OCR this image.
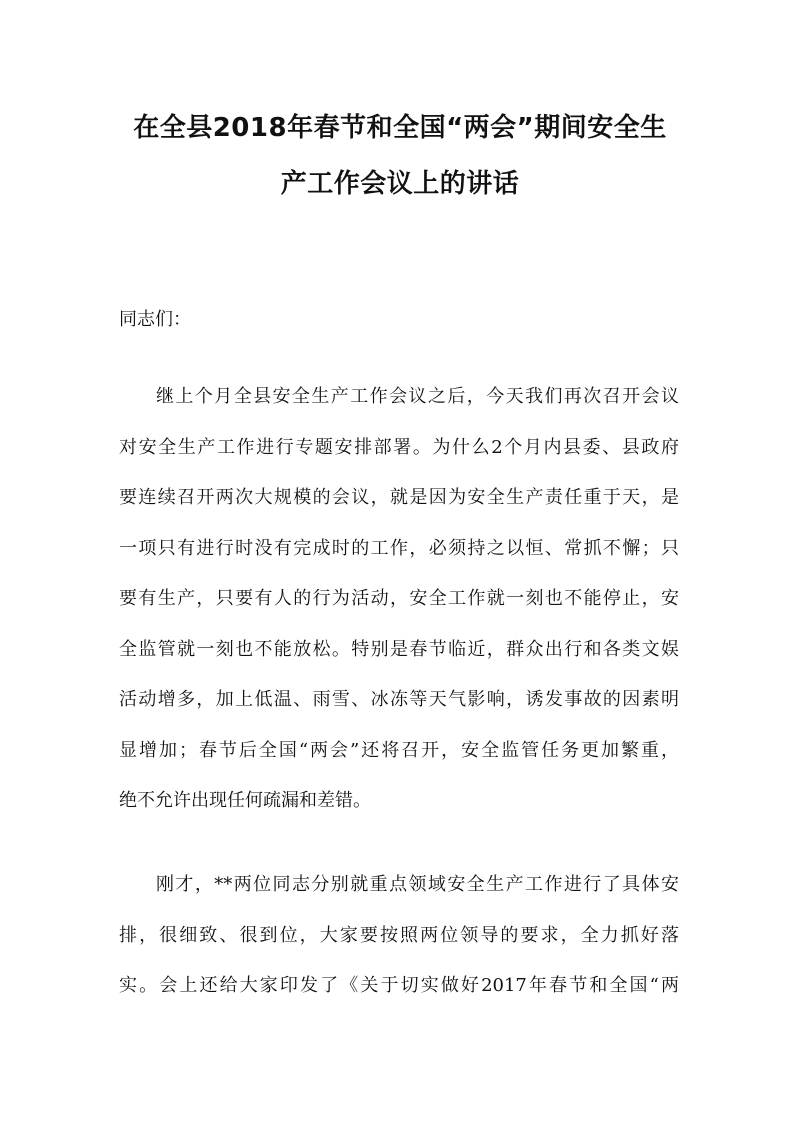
在全县2018年春节和全国“两会”期间安全生
产工作会议上的讲话

同志们：

继上个月全县安全生产工作会议之后，今天我们再次召开会议
对安全生产工作进行专题安排部署。为什么2个月内县委、县政府
要连续召开两次大规模的会议，就是因为安全生产责任重于天，是
一项只有进行时没有完成时的工作，必须持之以恒、常抓不懈；只
要有生产，只要有人的行为活动，安全工作就一刻也不能停止，安
全监管就一刻也不能放松。特别是春节临近，群众出行和各类文娱
活动增多，加上低温、雨雪、冰冻等天气影响，诱发事故的因素明
显增加；春节后全国“两会”还将召开，安全监管任务更加繁重，
绝不允许出现任何疏漏和差错。
刚才，**两位同志分别就重点领域安全生产工作进行了具体安
排，很细致、很到位，大家要按照两位领导的要求，全力抓好落
实。会上还给大家印发了《关于切实做好2017年春节和全国“两
